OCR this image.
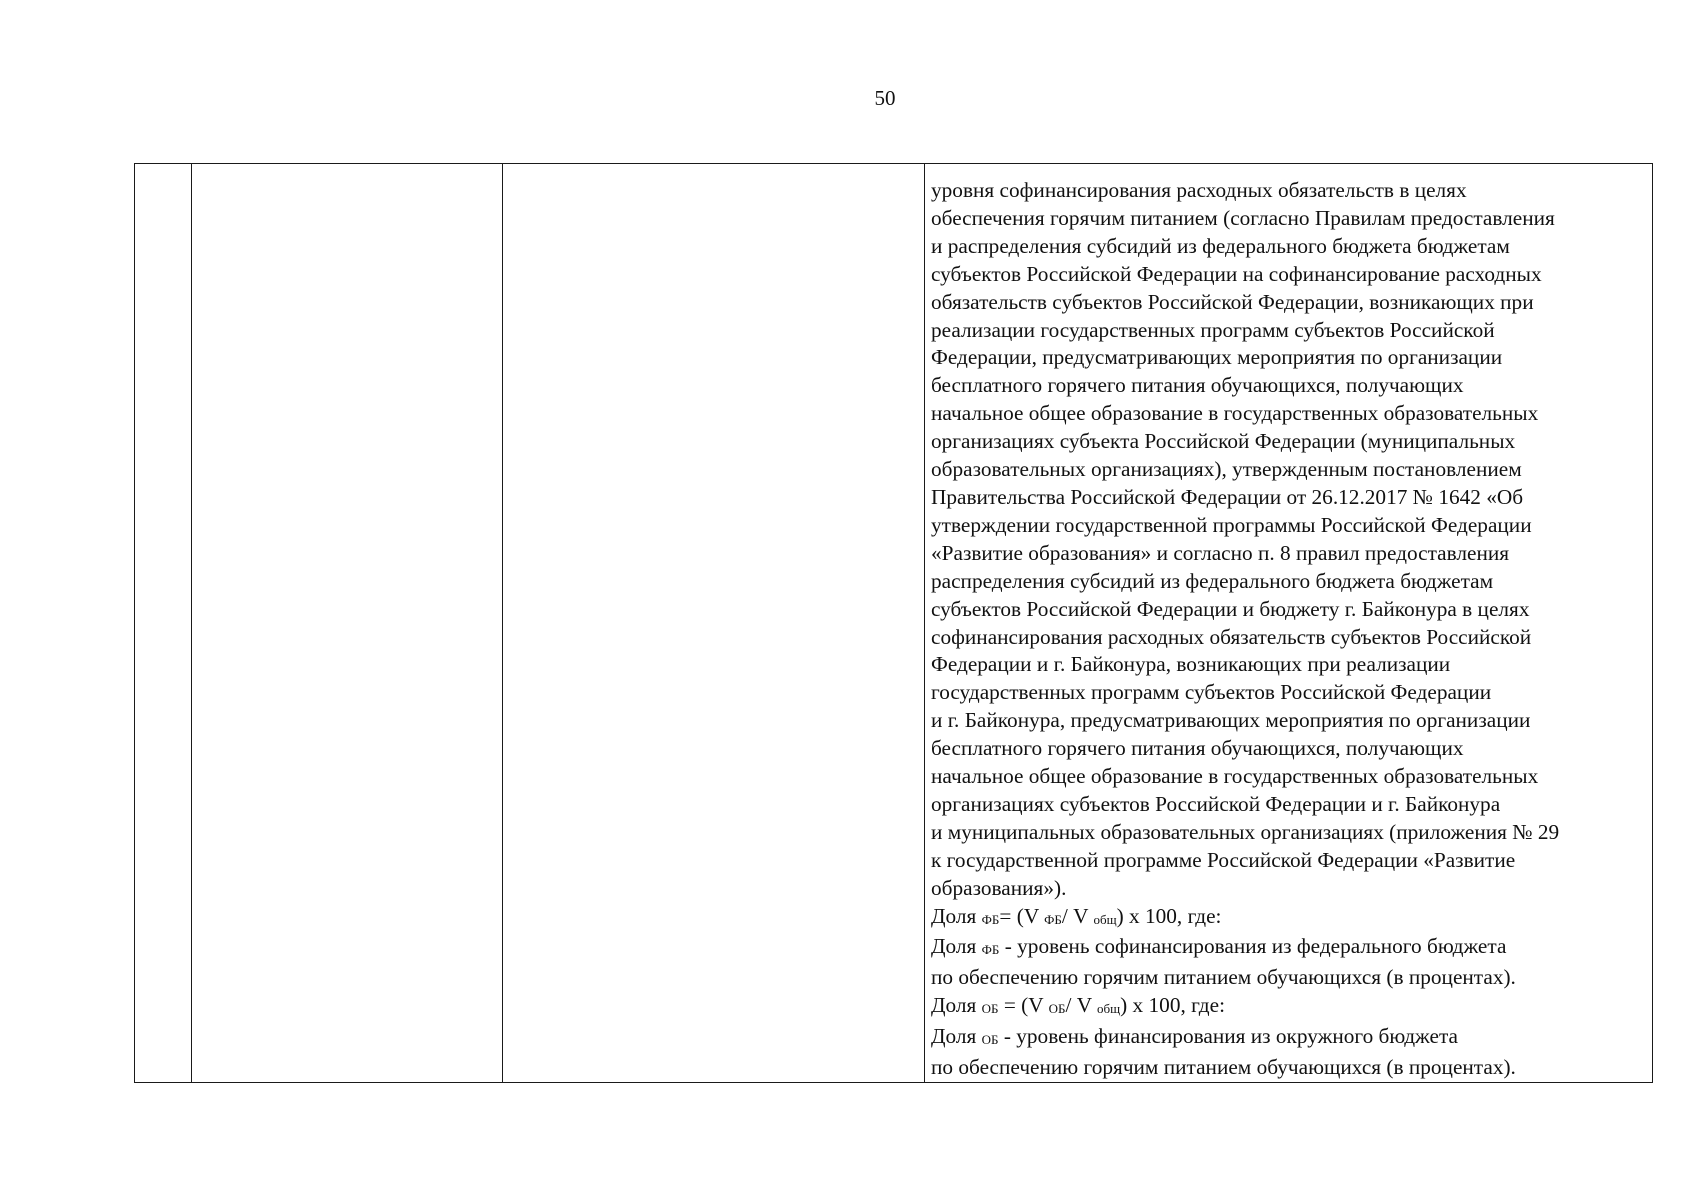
50

уровня софинансирования расходных обязательств в целях
обеспечения горячим питанием (согласно Правилам предоставления
и распределения субсидий из федерального бюджета бюджетам
субъектов Российской Федерации на софинансирование расходных
обязательств субъектов Российской Федерации, возникающих при
реализации государственных программ субъектов Российской
Федерации, предусматривающих мероприятия по организации
бесплатного горячего питания обучающихся, получающих
начальное общее образование в государственных образовательных
организациях субъекта Российской Федерации (муниципальных
образовательных организациях), утвержденным постановлением
Правительства Российской Федерации от 26.12.2017 № 1642 «Об
утверждении государственной программы Российской Федерации
«Развитие образования» и согласно п. 8 правил предоставления
распределения субсидий из федерального бюджета бюджетам
субъектов Российской Федерации и бюджету г. Байконура в целях
софинансирования расходных обязательств субъектов Российской
Федерации и г. Байконура, возникающих при реализации
государственных программ субъектов Российской Федерации
и г. Байконура, предусматривающих мероприятия по организации
бесплатного горячего питания обучающихся, получающих
начальное общее образование в государственных образовательных
организациях субъектов Российской Федерации и г. Байконура
и муниципальных образовательных организациях (приложения № 29
к государственной программе Российской Федерации «Развитие
образования»).
Доля ФБ= (V ФБ/ V общ) х 100, где:
Доля ФБ - уровень софинансирования из федерального бюджета
по обеспечению горячим питанием обучающихся (в процентах).
Доля ОБ = (V ОБ/ V общ) х 100, где:
Доля ОБ - уровень финансирования из окружного бюджета
по обеспечению горячим питанием обучающихся (в процентах).
